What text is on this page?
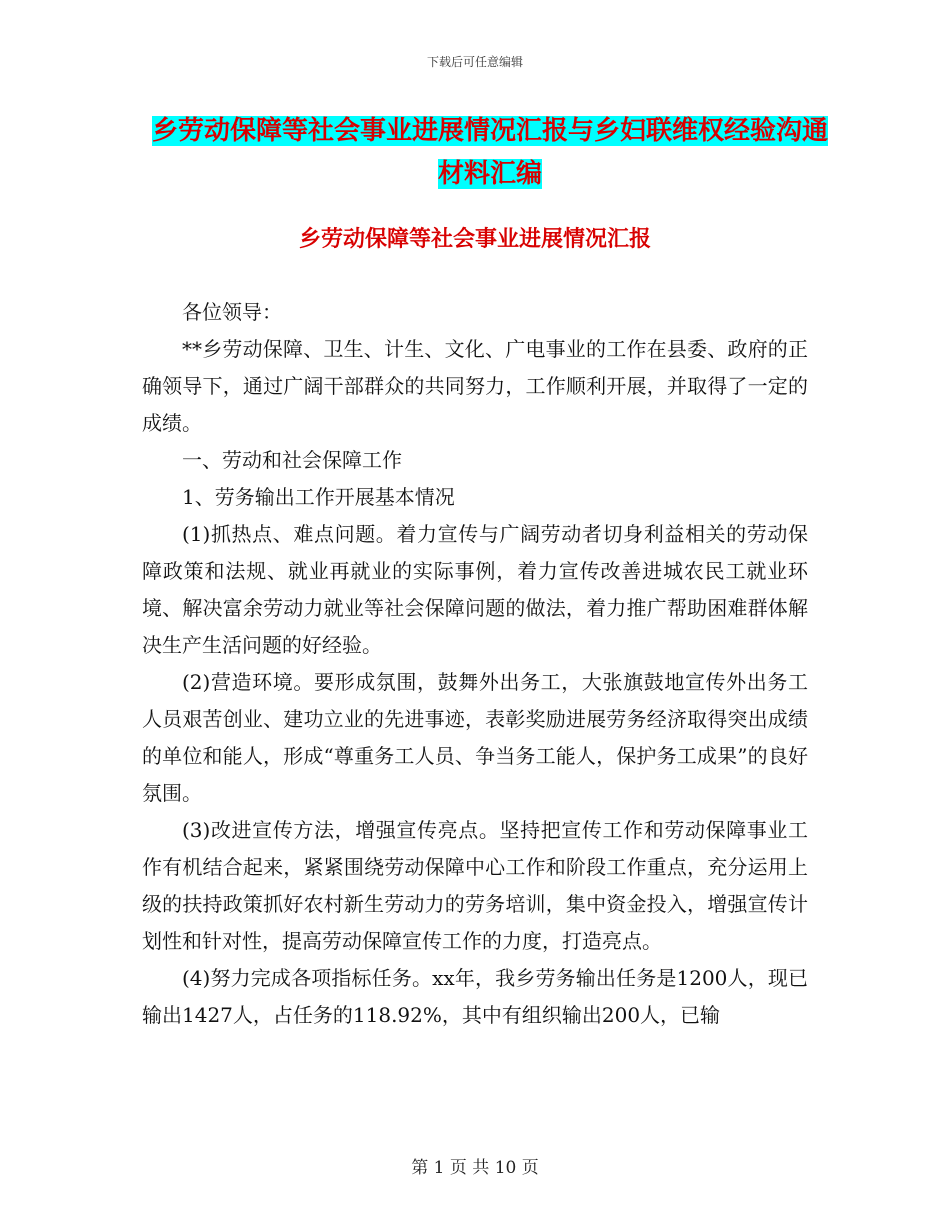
下载后可任意编辑
乡劳动保障等社会事业进展情况汇报与乡妇联维权经验沟通材料汇编
乡劳动保障等社会事业进展情况汇报

各位领导：

**乡劳动保障、卫生、计生、文化、广电事业的工作在县委、政府的正确领导下，通过广阔干部群众的共同努力，工作顺利开展，并取得了一定的成绩。

一、劳动和社会保障工作

1、劳务输出工作开展基本情况

(1)抓热点、难点问题。着力宣传与广阔劳动者切身利益相关的劳动保障政策和法规、就业再就业的实际事例，着力宣传改善进城农民工就业环境、解决富余劳动力就业等社会保障问题的做法，着力推广帮助困难群体解决生产生活问题的好经验。

(2)营造环境。要形成氛围，鼓舞外出务工，大张旗鼓地宣传外出务工人员艰苦创业、建功立业的先进事迹，表彰奖励进展劳务经济取得突出成绩的单位和能人，形成“尊重务工人员、争当务工能人，保护务工成果”的良好氛围。

(3)改进宣传方法，增强宣传亮点。坚持把宣传工作和劳动保障事业工作有机结合起来，紧紧围绕劳动保障中心工作和阶段工作重点，充分运用上级的扶持政策抓好农村新生劳动力的劳务培训，集中资金投入，增强宣传计划性和针对性，提高劳动保障宣传工作的力度，打造亮点。

(4)努力完成各项指标任务。xx年，我乡劳务输出任务是1200人，现已输出1427人，占任务的118.92%，其中有组织输出200人，已输

第 1 页 共 10 页
